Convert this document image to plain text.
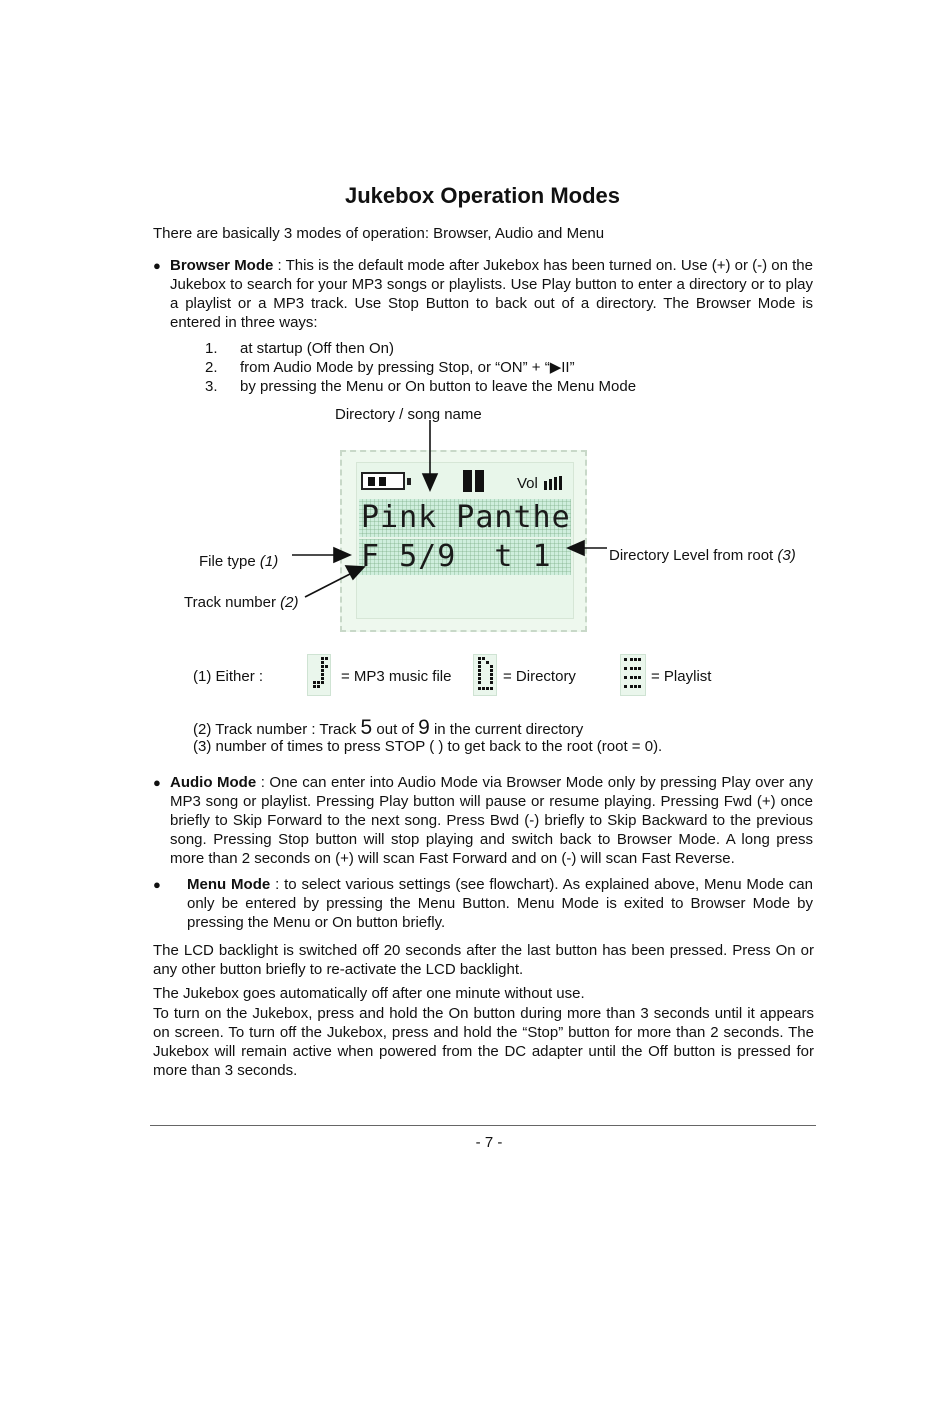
Jukebox Operation Modes
There are basically 3 modes of operation: Browser, Audio and Menu
● Browser Mode : This is the default mode after Jukebox has been turned on. Use (+) or (-) on the Jukebox to search for your MP3 songs or playlists. Use Play button to enter a directory or to play a playlist or a MP3 track. Use Stop Button to back out of a directory. The Browser Mode is entered in three ways:
1. at startup (Off then On)
2. from Audio Mode by pressing Stop, or “ON” + “▶II”
3. by pressing the Menu or On button to leave the Menu Mode
Directory / song name
Vol
Pink Panthe
F 5/9  t 1
File type (1)
Track number (2)
Directory Level from root (3)
(1) Either :	= MP3 music file	= Directory	= Playlist
(2) Track number : Track 5 out of 9 in the current directory
(3) number of times to press STOP ( ) to get back to the root (root = 0).
● Audio Mode : One can enter into Audio Mode via Browser Mode only by pressing Play over any MP3 song or playlist. Pressing Play button will pause or resume playing. Pressing Fwd (+) once briefly to Skip Forward to the next song. Press Bwd (-) briefly to Skip Backward to the previous song. Pressing Stop button will stop playing and switch back to Browser Mode. A long press more than 2 seconds on (+) will scan Fast Forward and on (-) will scan Fast Reverse.
● Menu Mode : to select various settings (see flowchart). As explained above, Menu Mode can only be entered by pressing the Menu Button. Menu Mode is exited to Browser Mode by pressing the Menu or On button briefly.
The LCD backlight is switched off 20 seconds after the last button has been pressed. Press On or any other button briefly to re-activate the LCD backlight.
The Jukebox goes automatically off after one minute without use.
To turn on the Jukebox, press and hold the On button during more than 3 seconds until it appears on screen. To turn off the Jukebox, press and hold the “Stop” button for more than 2 seconds. The Jukebox will remain active when powered from the DC adapter until the Off button is pressed for more than 3 seconds.
- 7 -
